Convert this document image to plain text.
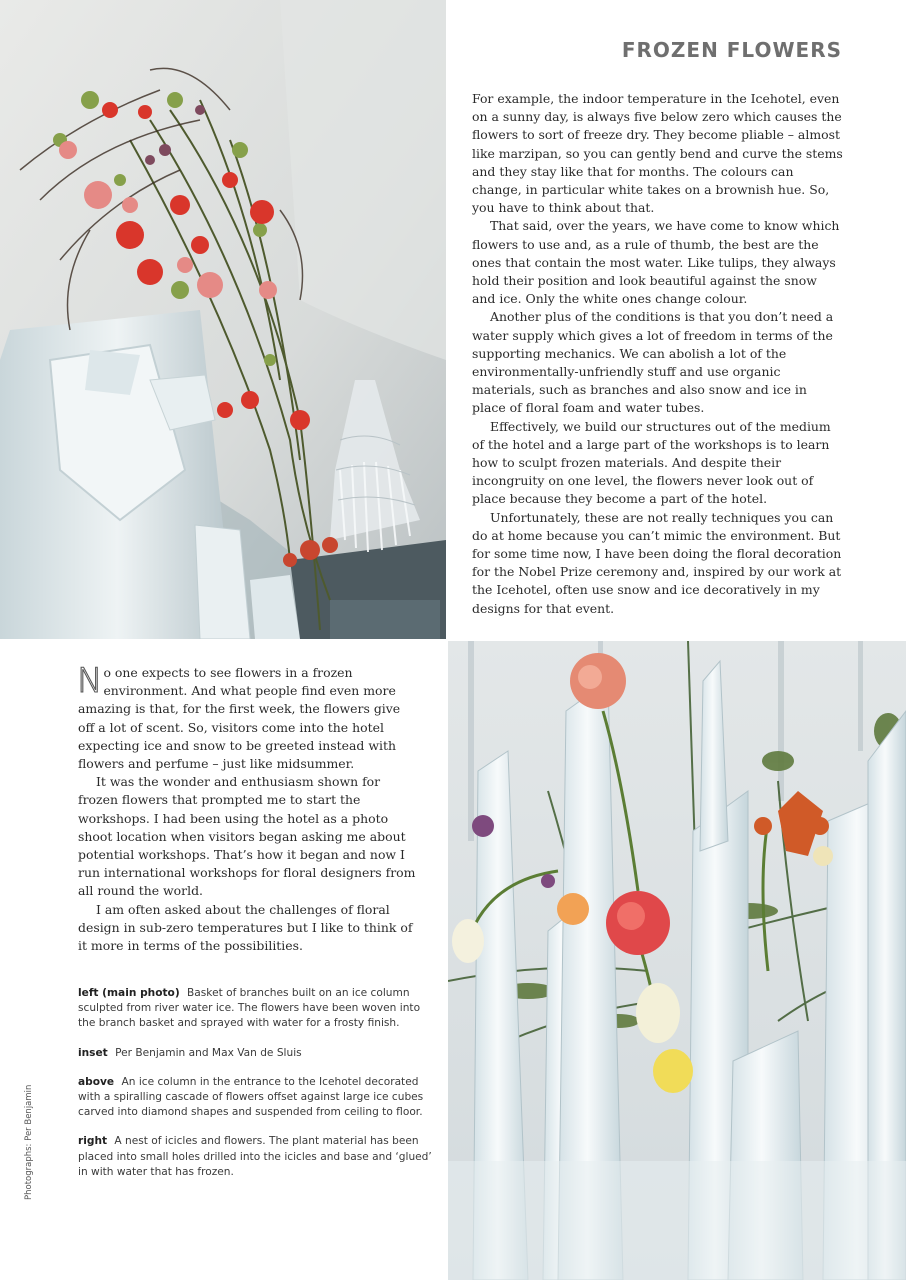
FROZEN FLOWERS

For example, the indoor temperature in the Icehotel, even on a sunny day, is always five below zero which causes the flowers to sort of freeze dry. They become pliable – almost like marzipan, so you can gently bend and curve the stems and they stay like that for months. The colours can change, in particular white takes on a brownish hue. So, you have to think about that.

That said, over the years, we have come to know which flowers to use and, as a rule of thumb, the best are the ones that contain the most water. Like tulips, they always hold their position and look beautiful against the snow and ice. Only the white ones change colour.

Another plus of the conditions is that you don’t need a water supply which gives a lot of freedom in terms of the supporting mechanics. We can abolish a lot of the environmentally-unfriendly stuff and use organic materials, such as branches and also snow and ice in place of floral foam and water tubes.

Effectively, we build our structures out of the medium of the hotel and a large part of the workshops is to learn how to sculpt frozen materials. And despite their incongruity on one level, the flowers never look out of place because they become a part of the hotel.

Unfortunately, these are not really techniques you can do at home because you can’t mimic the environment. But for some time now, I have been doing the floral decoration for the Nobel Prize ceremony and, inspired by our work at the Icehotel, often use snow and ice decoratively in my designs for that event.

No one expects to see flowers in a frozen environment. And what people find even more amazing is that, for the first week, the flowers give off a lot of scent. So, visitors come into the hotel expecting ice and snow to be greeted instead with flowers and perfume – just like midsummer.

It was the wonder and enthusiasm shown for frozen flowers that prompted me to start the workshops. I had been using the hotel as a photo shoot location when visitors began asking me about potential workshops. That’s how it began and now I run international workshops for floral designers from all round the world.

I am often asked about the challenges of floral design in sub-zero temperatures but I like to think of it more in terms of the possibilities.

left (main photo) Basket of branches built on an ice column sculpted from river water ice. The flowers have been woven into the branch basket and sprayed with water for a frosty finish.
inset Per Benjamin and Max Van de Sluis
above An ice column in the entrance to the Icehotel decorated with a spiralling cascade of flowers offset against large ice cubes carved into diamond shapes and suspended from ceiling to floor.
right A nest of icicles and flowers. The plant material has been placed into small holes drilled into the icicles and base and ‘glued’ in with water that has frozen.
Photographs: Per Benjamin
